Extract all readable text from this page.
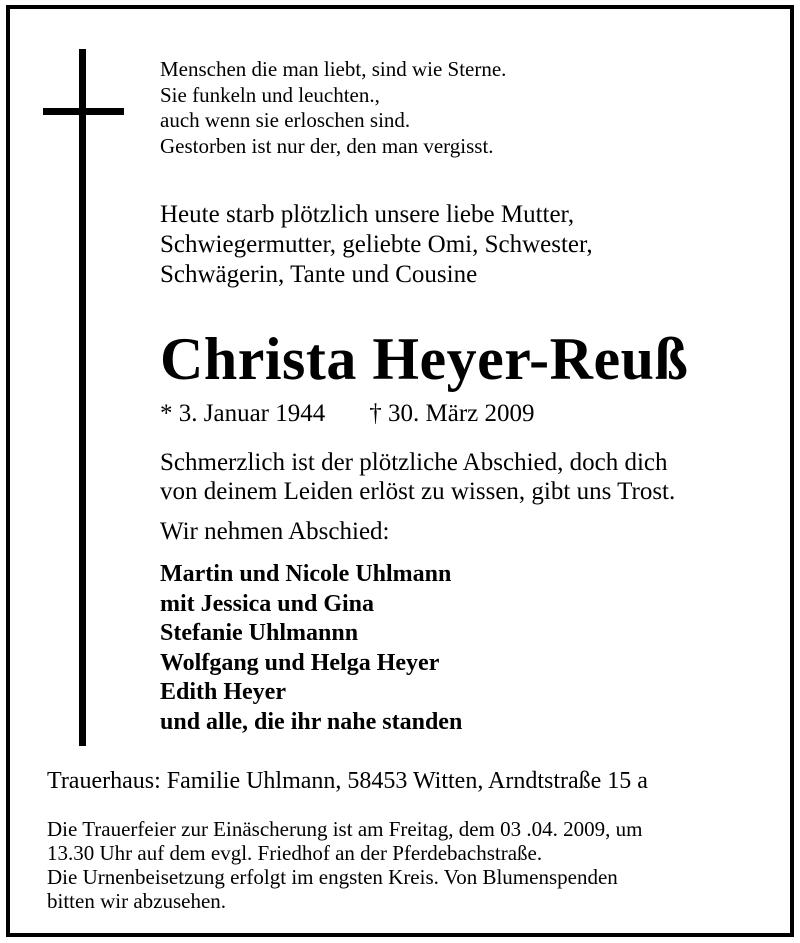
Menschen die man liebt, sind wie Sterne.
Sie funkeln und leuchten.,
auch wenn sie erloschen sind.
Gestorben ist nur der, den man vergisst.
Heute starb plötzlich unsere liebe Mutter,
Schwiegermutter, geliebte Omi, Schwester,
Schwägerin, Tante und Cousine
Christa Heyer-Reuß
* 3. Januar 1944 † 30. März 2009
Schmerzlich ist der plötzliche Abschied, doch dich
von deinem Leiden erlöst zu wissen, gibt uns Trost.
Wir nehmen Abschied:
Martin und Nicole Uhlmann
mit Jessica und Gina
Stefanie Uhlmannn
Wolfgang und Helga Heyer
Edith Heyer
und alle, die ihr nahe standen
Trauerhaus: Familie Uhlmann, 58453 Witten, Arndtstraße 15 a
Die Trauerfeier zur Einäscherung ist am Freitag, dem 03 .04. 2009, um
13.30 Uhr auf dem evgl. Friedhof an der Pferdebachstraße.
Die Urnenbeisetzung erfolgt im engsten Kreis. Von Blumenspenden
bitten wir abzusehen.
